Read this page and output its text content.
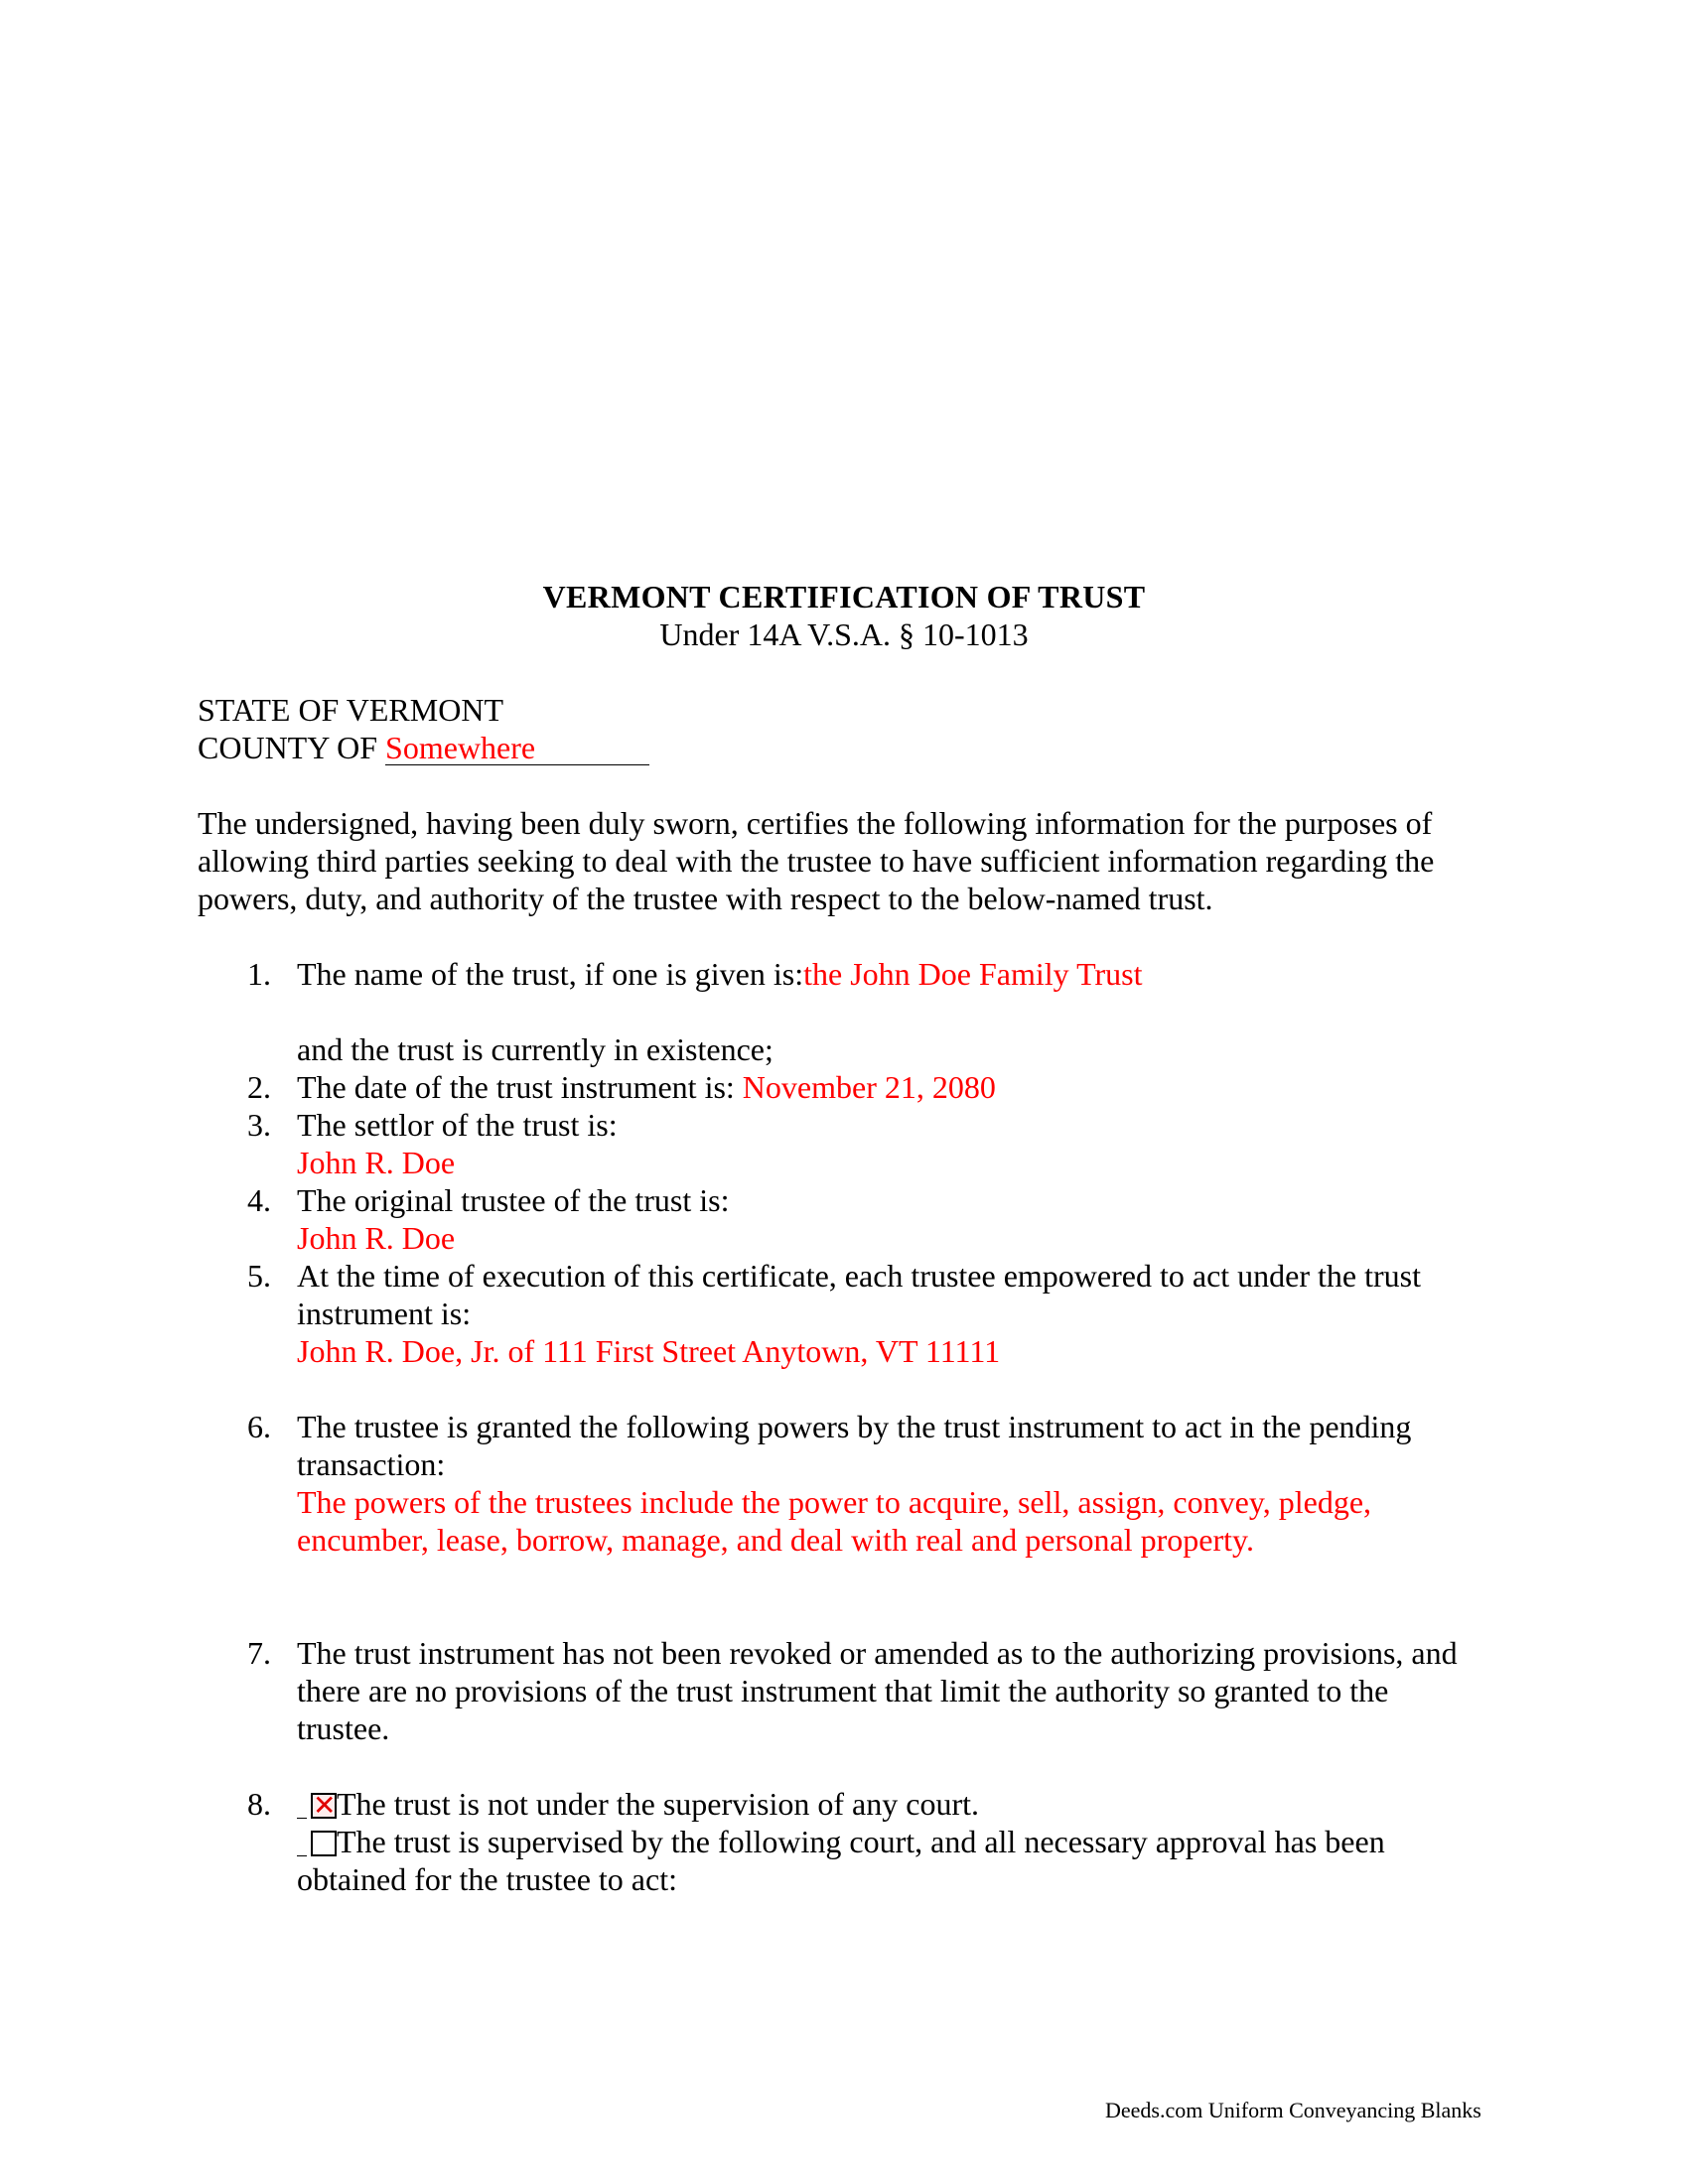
VERMONT CERTIFICATION OF TRUST
Under 14A V.S.A. § 10-1013
STATE OF VERMONT
COUNTY OF Somewhere
The undersigned, having been duly sworn, certifies the following information for the purposes of allowing third parties seeking to deal with the trustee to have sufficient information regarding the powers, duty, and authority of the trustee with respect to the below-named trust.
1. The name of the trust, if one is given is:the John Doe Family Trust
and the trust is currently in existence;
2. The date of the trust instrument is: November 21, 2080
3. The settlor of the trust is:
John R. Doe
4. The original trustee of the trust is:
John R. Doe
5. At the time of execution of this certificate, each trustee empowered to act under the trust instrument is:
John R. Doe, Jr. of 111 First Street Anytown, VT 11111
6. The trustee is granted the following powers by the trust instrument to act in the pending transaction:
The powers of the trustees include the power to acquire, sell, assign, convey, pledge, encumber, lease, borrow, manage, and deal with real and personal property.
7. The trust instrument has not been revoked or amended as to the authorizing provisions, and there are no provisions of the trust instrument that limit the authority so granted to the trustee.
8.	✕ The trust is not under the supervision of any court.
The trust is supervised by the following court, and all necessary approval has been obtained for the trustee to act:
Deeds.com Uniform Conveyancing Blanks
